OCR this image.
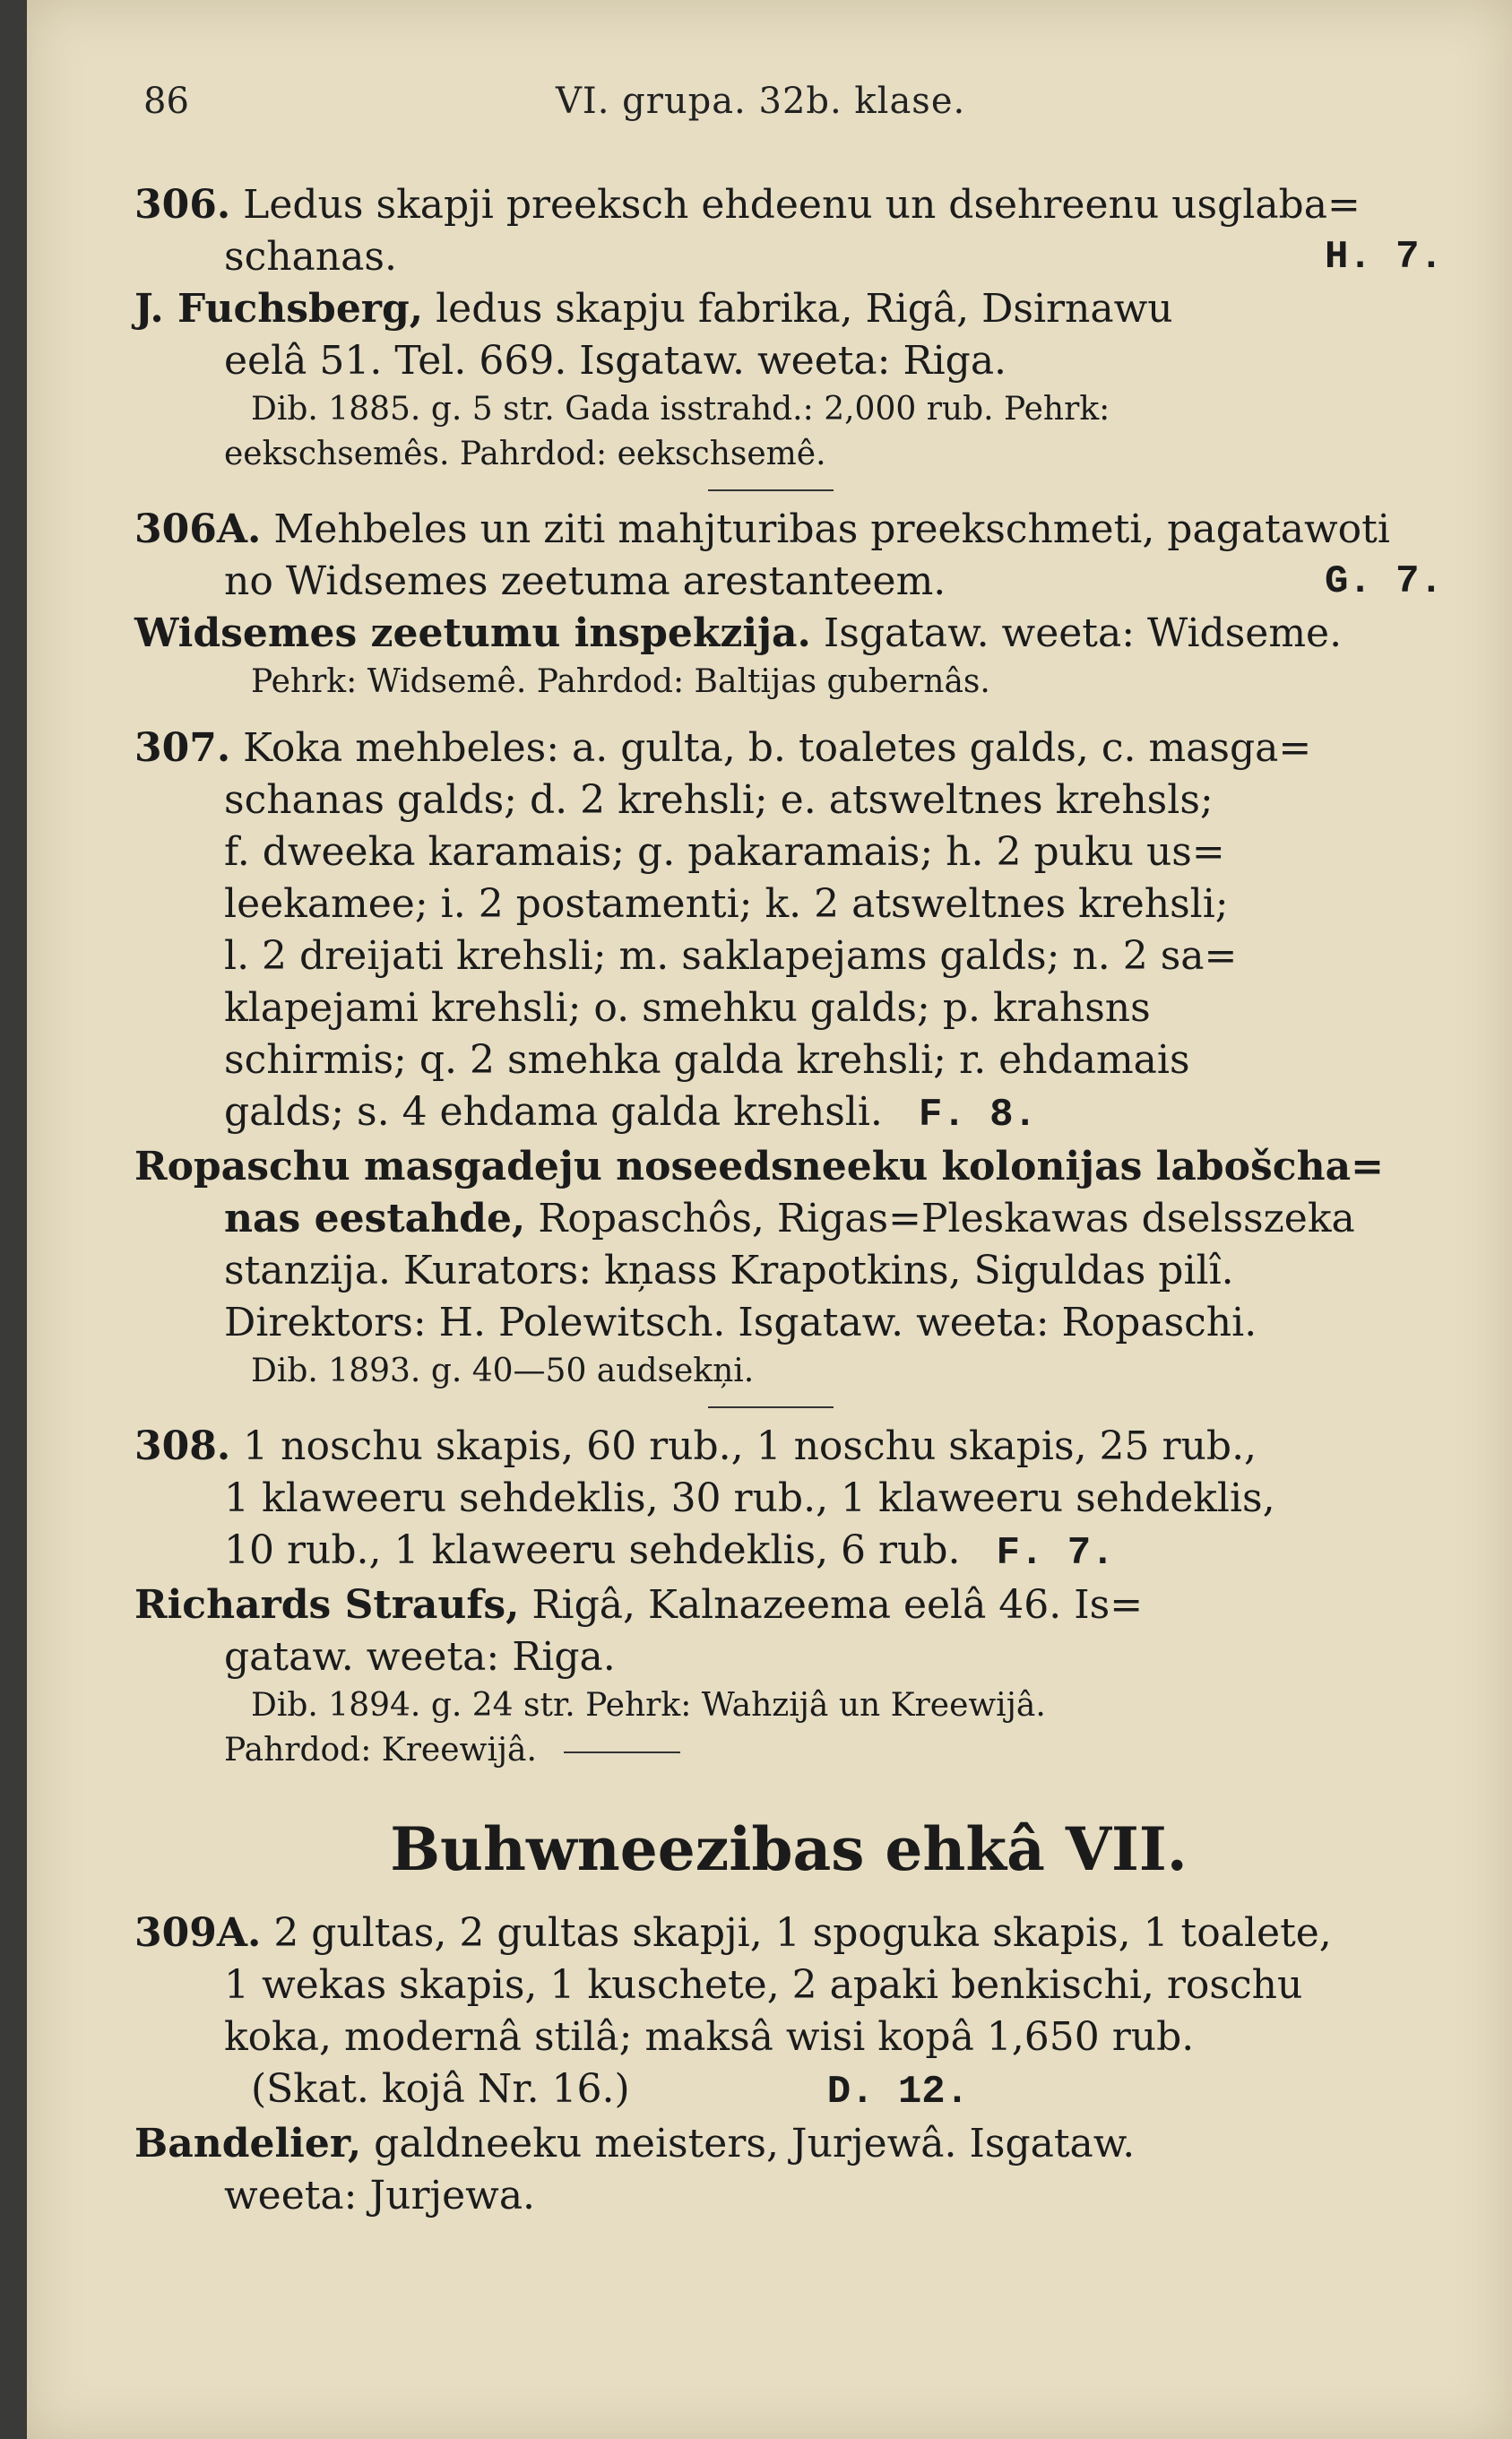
86	VI. grupa. 32b. klase.
306. Ledus skapji preeksch ehdeenu un dsehreenu usglaba=
schanas.	H. 7.
J. Fuchsberg, ledus skapju fabrika, Rigâ, Dsirnawu
eelâ 51. Tel. 669. Isgataw. weeta: Riga.
Dib. 1885. g. 5 str. Gada isstrahd.: 2,000 rub. Pehrk:
eekschsemês. Pahrdod: eekschsemê.
306A. Mehbeles un ziti mahjturibas preekschmeti, pagatawoti
no Widsemes zeetuma arestanteem.	G. 7.
Widsemes zeetumu inspekzija. Isgataw. weeta: Widseme.
Pehrk: Widsemê. Pahrdod: Baltijas gubernâs.
307. Koka mehbeles: a. gulta, b. toaletes galds, c. masga=
schanas galds; d. 2 krehsli; e. atsweltnes krehsls;
f. dweeka karamais; g. pakaramais; h. 2 puku us=
leekamee; i. 2 postamenti; k. 2 atsweltnes krehsli;
l. 2 dreijati krehsli; m. saklapejams galds; n. 2 sa=
klapejami krehsli; o. smehku galds; p. krahsns
schirmis; q. 2 smehka galda krehsli; r. ehdamais
galds; s. 4 ehdama galda krehsli. F. 8.
Ropaschu masgadeju noseedsneeku kolonijas labošcha=
nas eestahde, Ropaschôs, Rigas=Pleskawas dselsszeka
stanzija. Kurators: kņass Krapotkins, Siguldas pilî.
Direktors: H. Polewitsch. Isgataw. weeta: Ropaschi.
Dib. 1893. g. 40—50 audsekņi.
308. 1 noschu skapis, 60 rub., 1 noschu skapis, 25 rub.,
1 klaweeru sehdeklis, 30 rub., 1 klaweeru sehdeklis,
10 rub., 1 klaweeru sehdeklis, 6 rub. F. 7.
Richards Straufs, Rigâ, Kalnazeema eelâ 46. Is=
gataw. weeta: Riga.
Dib. 1894. g. 24 str. Pehrk: Wahzijâ un Kreewijâ.
Pahrdod: Kreewijâ.
Buhwneezibas ehkâ VII.
309A. 2 gultas, 2 gultas skapji, 1 spoguka skapis, 1 toalete,
1 wekas skapis, 1 kuschete, 2 apaki benkischi, roschu
koka, modernâ stilâ; maksâ wisi kopâ 1,650 rub.
(Skat. kojâ Nr. 16.)	D. 12.
Bandelier, galdneeku meisters, Jurjewâ. Isgataw.
weeta: Jurjewa.
